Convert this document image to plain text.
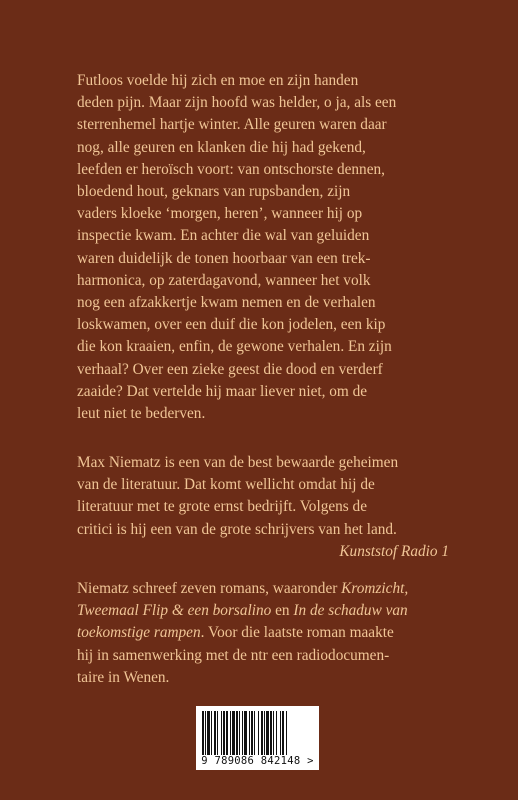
Futloos voelde hij zich en moe en zijn handen
deden pijn. Maar zijn hoofd was helder, o ja, als een
sterrenhemel hartje winter. Alle geuren waren daar
nog, alle geuren en klanken die hij had gekend,
leefden er heroïsch voort: van ontschorste dennen,
bloedend hout, geknars van rupsbanden, zijn
vaders kloeke ‘morgen, heren’, wanneer hij op
inspectie kwam. En achter die wal van geluiden
waren duidelijk de tonen hoorbaar van een trek-
harmonica, op zaterdagavond, wanneer het volk
nog een afzakkertje kwam nemen en de verhalen
loskwamen, over een duif die kon jodelen, een kip
die kon kraaien, enfin, de gewone verhalen. En zijn
verhaal? Over een zieke geest die dood en verderf
zaaide? Dat vertelde hij maar liever niet, om de
leut niet te bederven.

Max Niematz is een van de best bewaarde geheimen
van de literatuur. Dat komt wellicht omdat hij de
literatuur met te grote ernst bedrijft. Volgens de
critici is hij een van de grote schrijvers van het land.

Kunststof Radio 1

Niematz schreef zeven romans, waaronder Kromzicht,
Tweemaal Flip & een borsalino en In de schaduw van
toekomstige rampen. Voor die laatste roman maakte
hij in samenwerking met de ntr een radiodocumen-
taire in Wenen.

9 789086 842148 >
